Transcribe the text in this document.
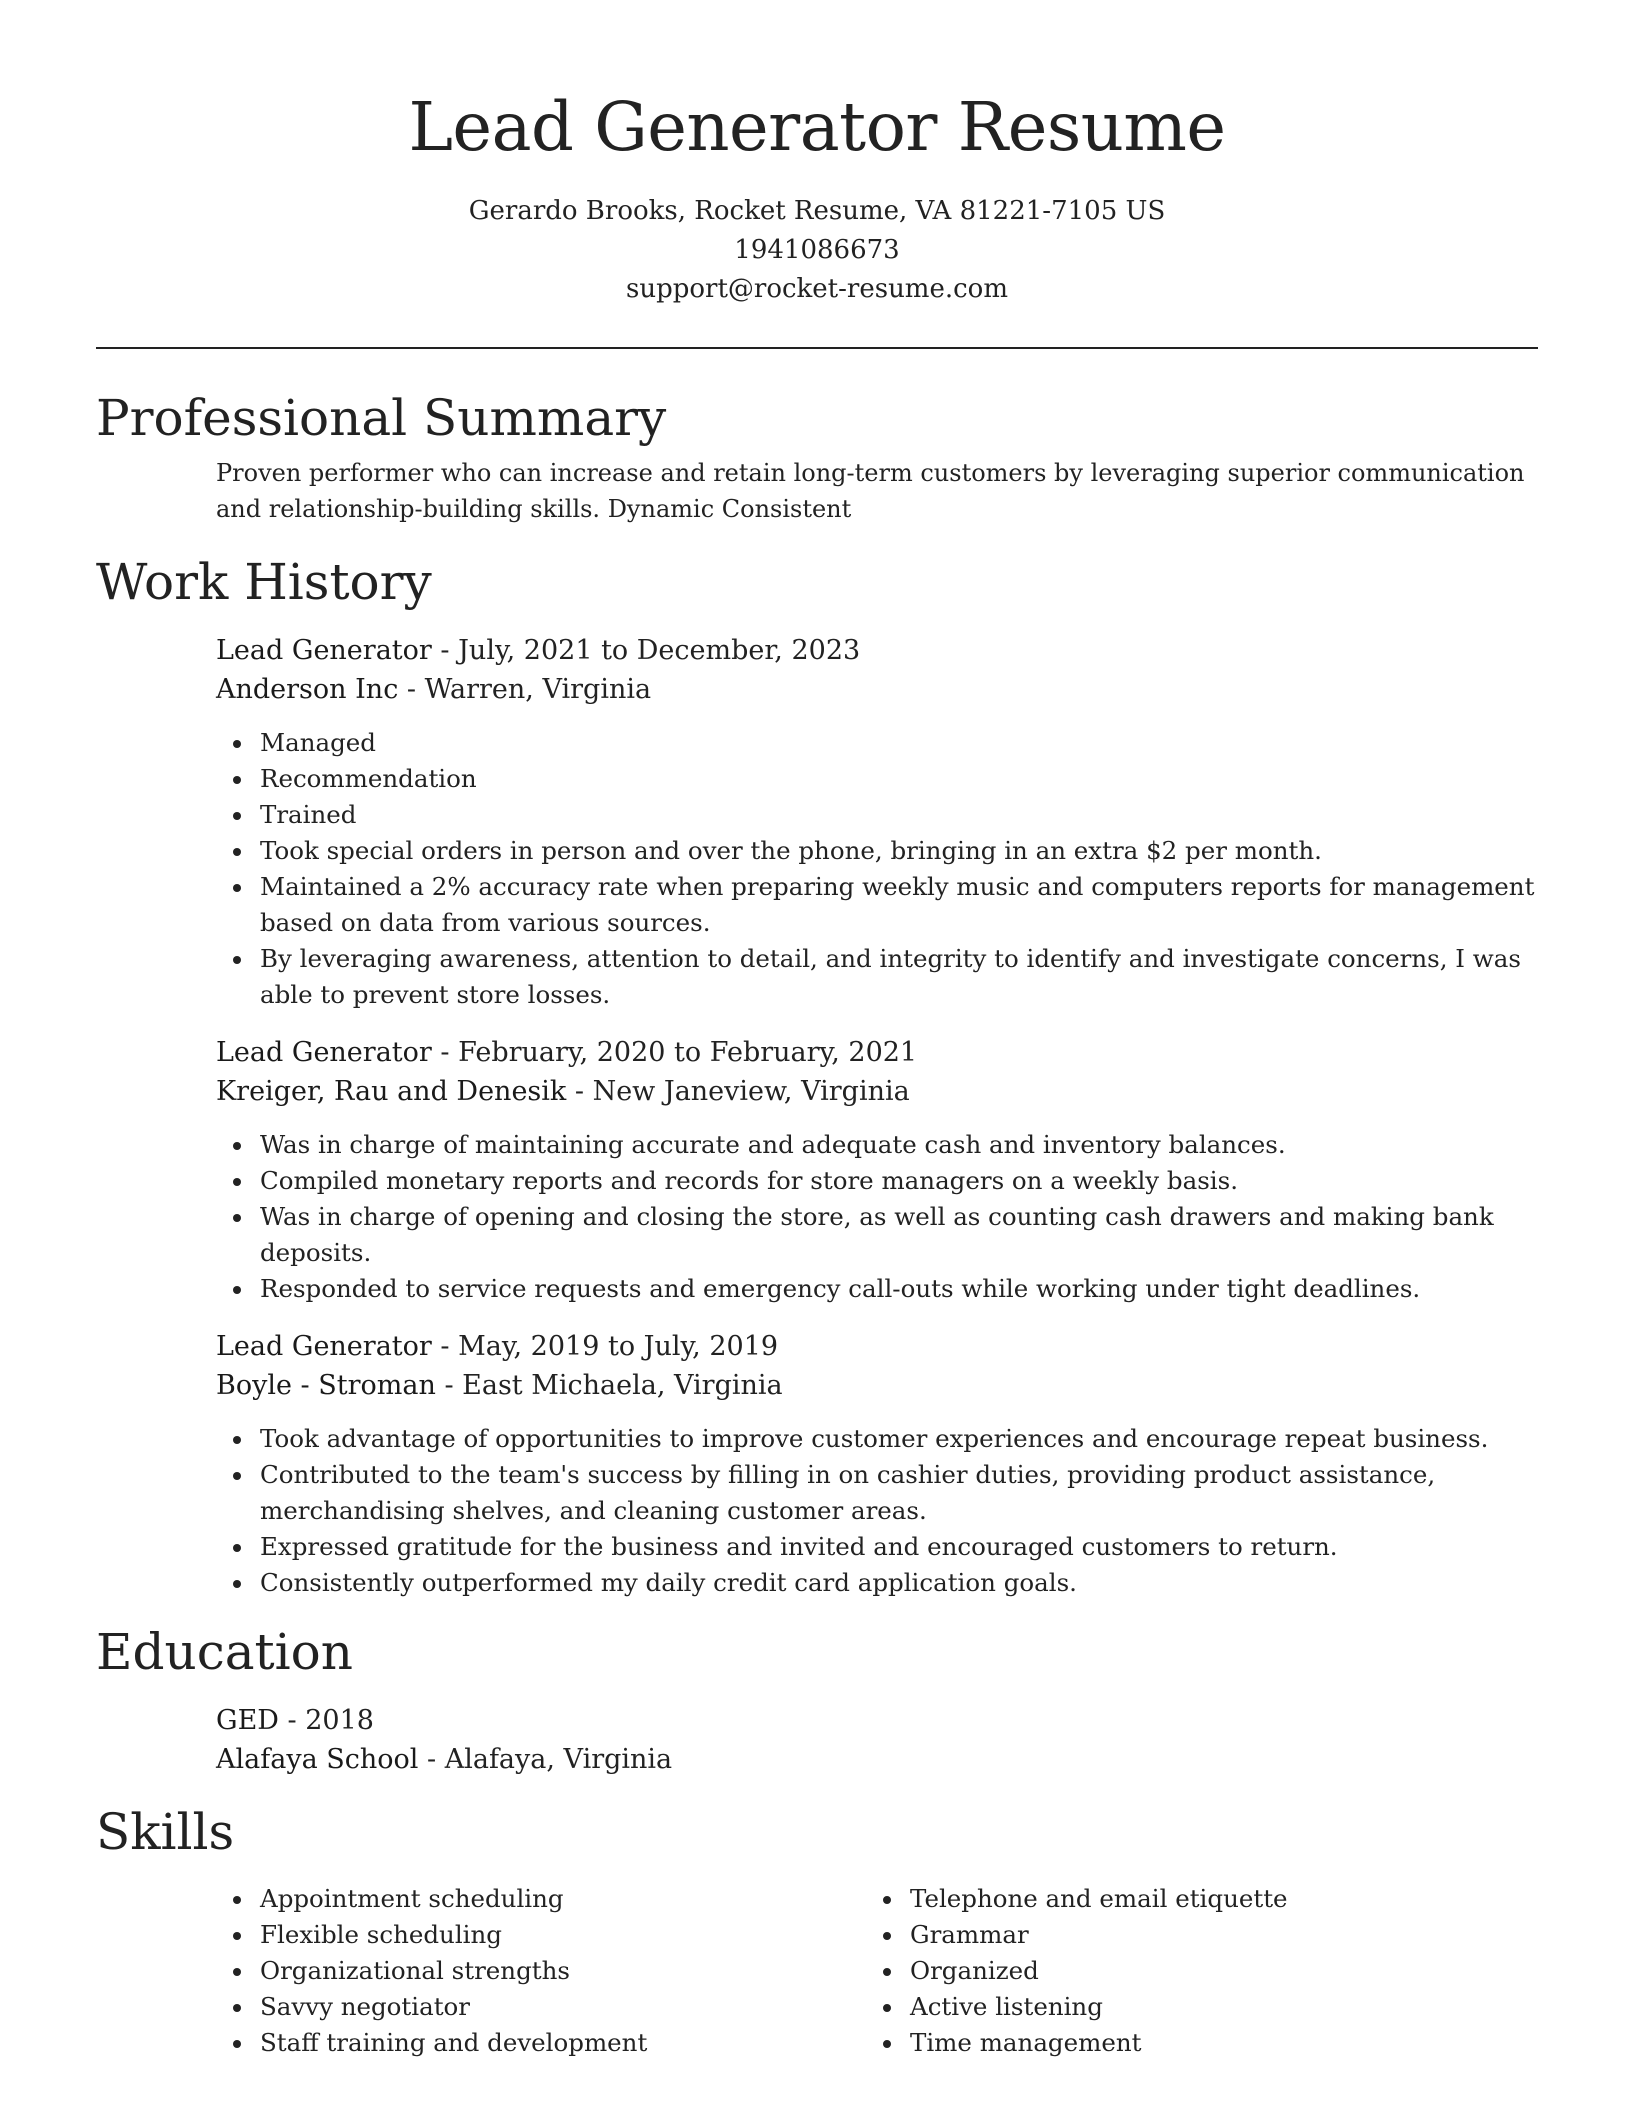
Lead Generator Resume
Gerardo Brooks, Rocket Resume, VA 81221-7105 US
1941086673
support@rocket-resume.com
Professional Summary
Proven performer who can increase and retain long-term customers by leveraging superior communication and relationship-building skills. Dynamic Consistent
Work History
Lead Generator - July, 2021 to December, 2023
Anderson Inc - Warren, Virginia
Managed
Recommendation
Trained
Took special orders in person and over the phone, bringing in an extra $2 per month.
Maintained a 2% accuracy rate when preparing weekly music and computers reports for management based on data from various sources.
By leveraging awareness, attention to detail, and integrity to identify and investigate concerns, I was able to prevent store losses.
Lead Generator - February, 2020 to February, 2021
Kreiger, Rau and Denesik - New Janeview, Virginia
Was in charge of maintaining accurate and adequate cash and inventory balances.
Compiled monetary reports and records for store managers on a weekly basis.
Was in charge of opening and closing the store, as well as counting cash drawers and making bank deposits.
Responded to service requests and emergency call-outs while working under tight deadlines.
Lead Generator - May, 2019 to July, 2019
Boyle - Stroman - East Michaela, Virginia
Took advantage of opportunities to improve customer experiences and encourage repeat business.
Contributed to the team's success by filling in on cashier duties, providing product assistance, merchandising shelves, and cleaning customer areas.
Expressed gratitude for the business and invited and encouraged customers to return.
Consistently outperformed my daily credit card application goals.
Education
GED - 2018
Alafaya School - Alafaya, Virginia
Skills
Appointment scheduling
Flexible scheduling
Organizational strengths
Savvy negotiator
Staff training and development
Telephone and email etiquette
Grammar
Organized
Active listening
Time management
